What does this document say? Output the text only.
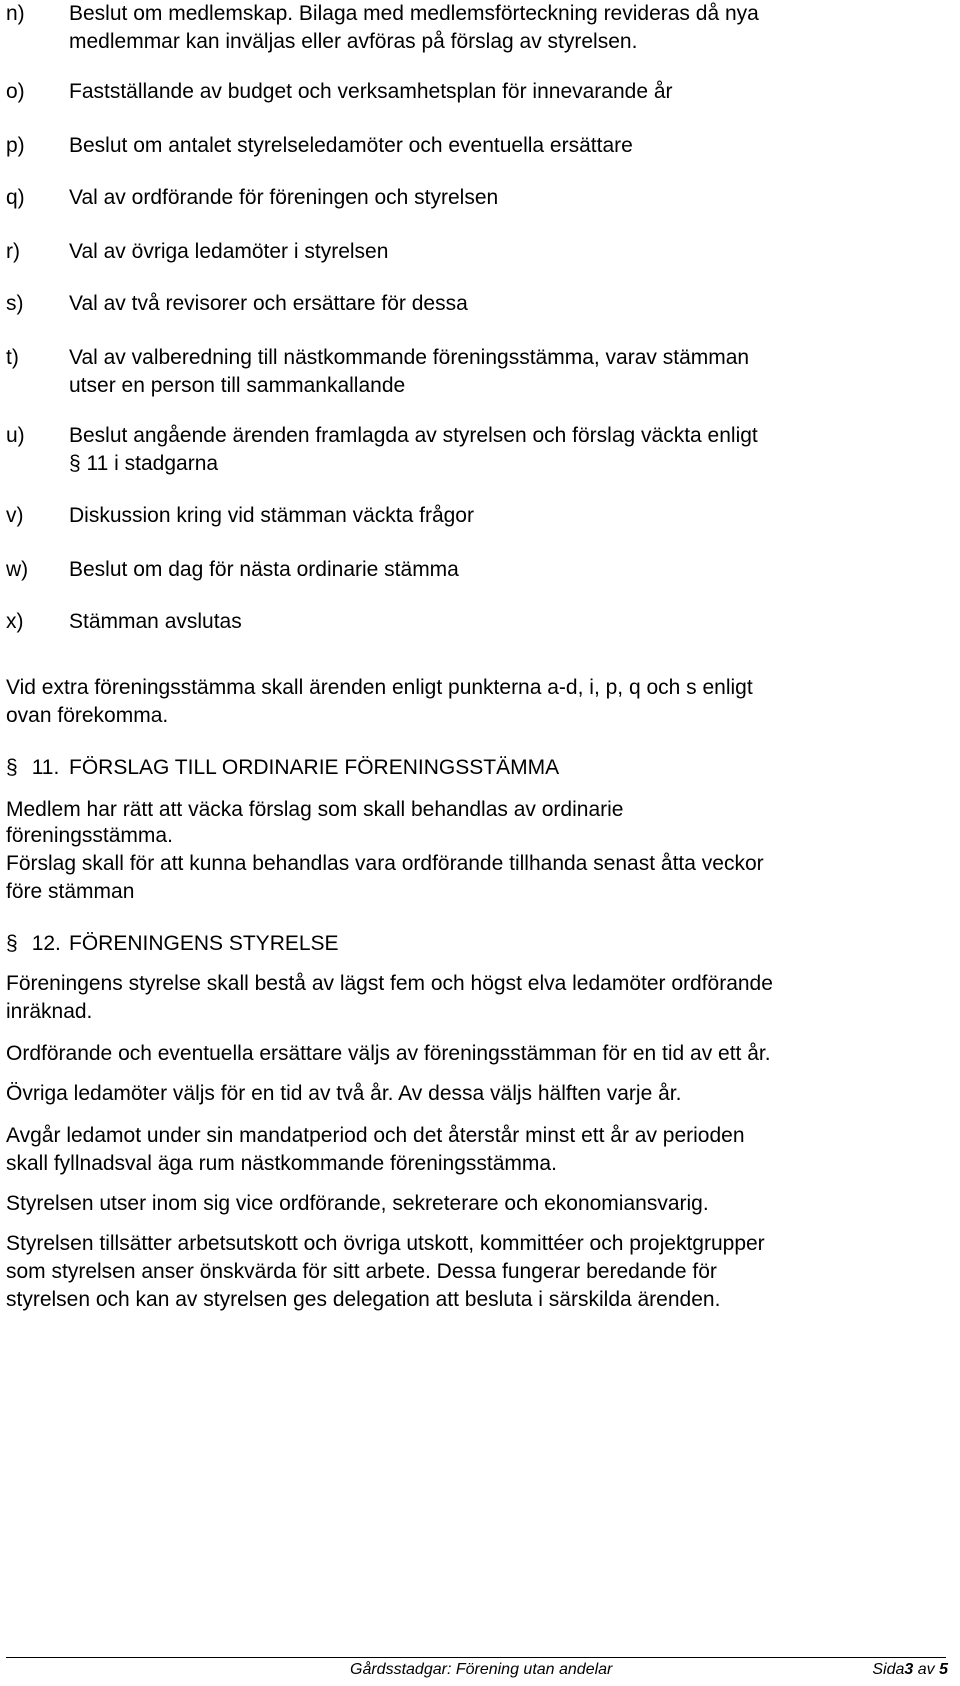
n)	Beslut om medlemskap. Bilaga med medlemsförteckning revideras då nya
medlemmar kan inväljas eller avföras på förslag av styrelsen.
o)	Fastställande av budget och verksamhetsplan för innevarande år
p)	Beslut om antalet styrelseledamöter och eventuella ersättare
q)	Val av ordförande för föreningen och styrelsen
r)	Val av övriga ledamöter i styrelsen
s)	Val av två revisorer och ersättare för dessa
t)	Val av valberedning till nästkommande föreningsstämma, varav stämman
utser en person till sammankallande
u)	Beslut angående ärenden framlagda av styrelsen och förslag väckta enligt
§ 11 i stadgarna
v)	Diskussion kring vid stämman väckta frågor
w)	Beslut om dag för nästa ordinarie stämma
x)	Stämman avslutas
Vid extra föreningsstämma skall ärenden enligt punkterna a-d, i, p, q och s enligt
ovan förekomma.
§ 11. FÖRSLAG TILL ORDINARIE FÖRENINGSSTÄMMA
Medlem har rätt att väcka förslag som skall behandlas av ordinarie
föreningsstämma.
Förslag skall för att kunna behandlas vara ordförande tillhanda senast åtta veckor
före stämman
§ 12. FÖRENINGENS STYRELSE
Föreningens styrelse skall bestå av lägst fem och högst elva ledamöter ordförande
inräknad.
Ordförande och eventuella ersättare väljs av föreningsstämman för en tid av ett år.
Övriga ledamöter väljs för en tid av två år. Av dessa väljs hälften varje år.
Avgår ledamot under sin mandatperiod och det återstår minst ett år av perioden
skall fyllnadsval äga rum nästkommande föreningsstämma.
Styrelsen utser inom sig vice ordförande, sekreterare och ekonomiansvarig.
Styrelsen tillsätter arbetsutskott och övriga utskott, kommittéer och projektgrupper
som styrelsen anser önskvärda för sitt arbete. Dessa fungerar beredande för
styrelsen och kan av styrelsen ges delegation att besluta i särskilda ärenden.
Gårdsstadgar: Förening utan andelar	Sida3 av 5
